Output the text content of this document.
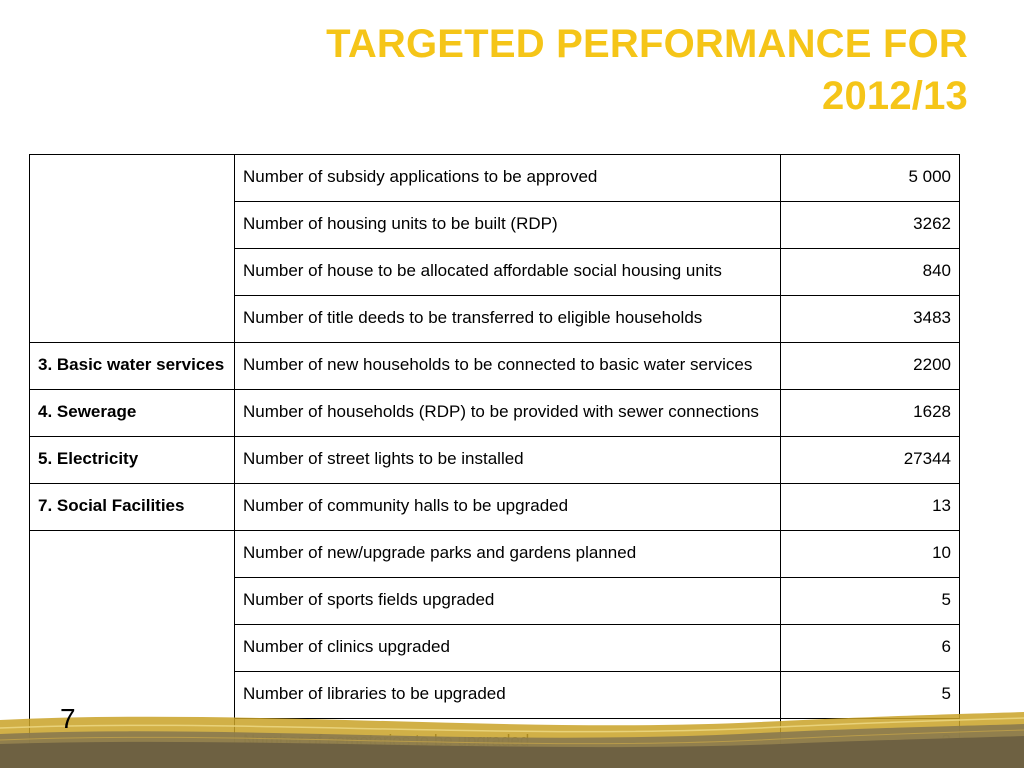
TARGETED PERFORMANCE FOR
2012/13
	Number of subsidy applications to be approved	5 000
	Number of housing units to be built (RDP)	3262
	Number of house to be allocated affordable social housing units	840
	Number of title deeds to be transferred to eligible households	3483
3. Basic water services	Number of new households to be connected to basic water services	2200
4. Sewerage	Number of households (RDP) to be provided with sewer connections	1628
5. Electricity	Number of street lights to be installed	27344
7. Social Facilities	Number of community halls to be upgraded	13
	Number of new/upgrade parks and gardens planned	10
	Number of sports fields upgraded	5
	Number of clinics upgraded	6
	Number of libraries to be upgraded	5

7
